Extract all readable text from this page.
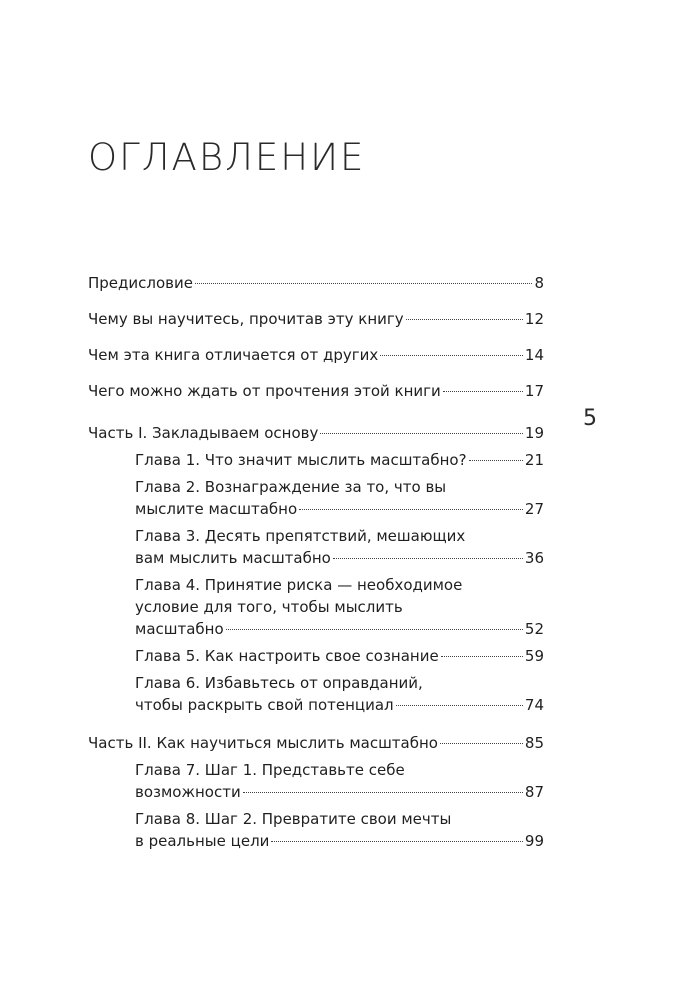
ОГЛАВЛЕНИЕ
5
Предисловие	8
Чему вы научитесь, прочитав эту книгу	12
Чем эта книга отличается от других	14
Чего можно ждать от прочтения этой книги	17
Часть I. Закладываем основу	19
Глава 1. Что значит мыслить масштабно?	21
Глава 2. Вознаграждение за то, что вы
мыслите масштабно	27
Глава 3. Десять препятствий, мешающих
вам мыслить масштабно	36
Глава 4. Принятие риска — необходимое
условие для того, чтобы мыслить
масштабно	52
Глава 5. Как настроить свое сознание	59
Глава 6. Избавьтесь от оправданий,
чтобы раскрыть свой потенциал	74
Часть II. Как научиться мыслить масштабно	85
Глава 7. Шаг 1. Представьте себе
возможности	87
Глава 8. Шаг 2. Превратите свои мечты
в реальные цели	99
